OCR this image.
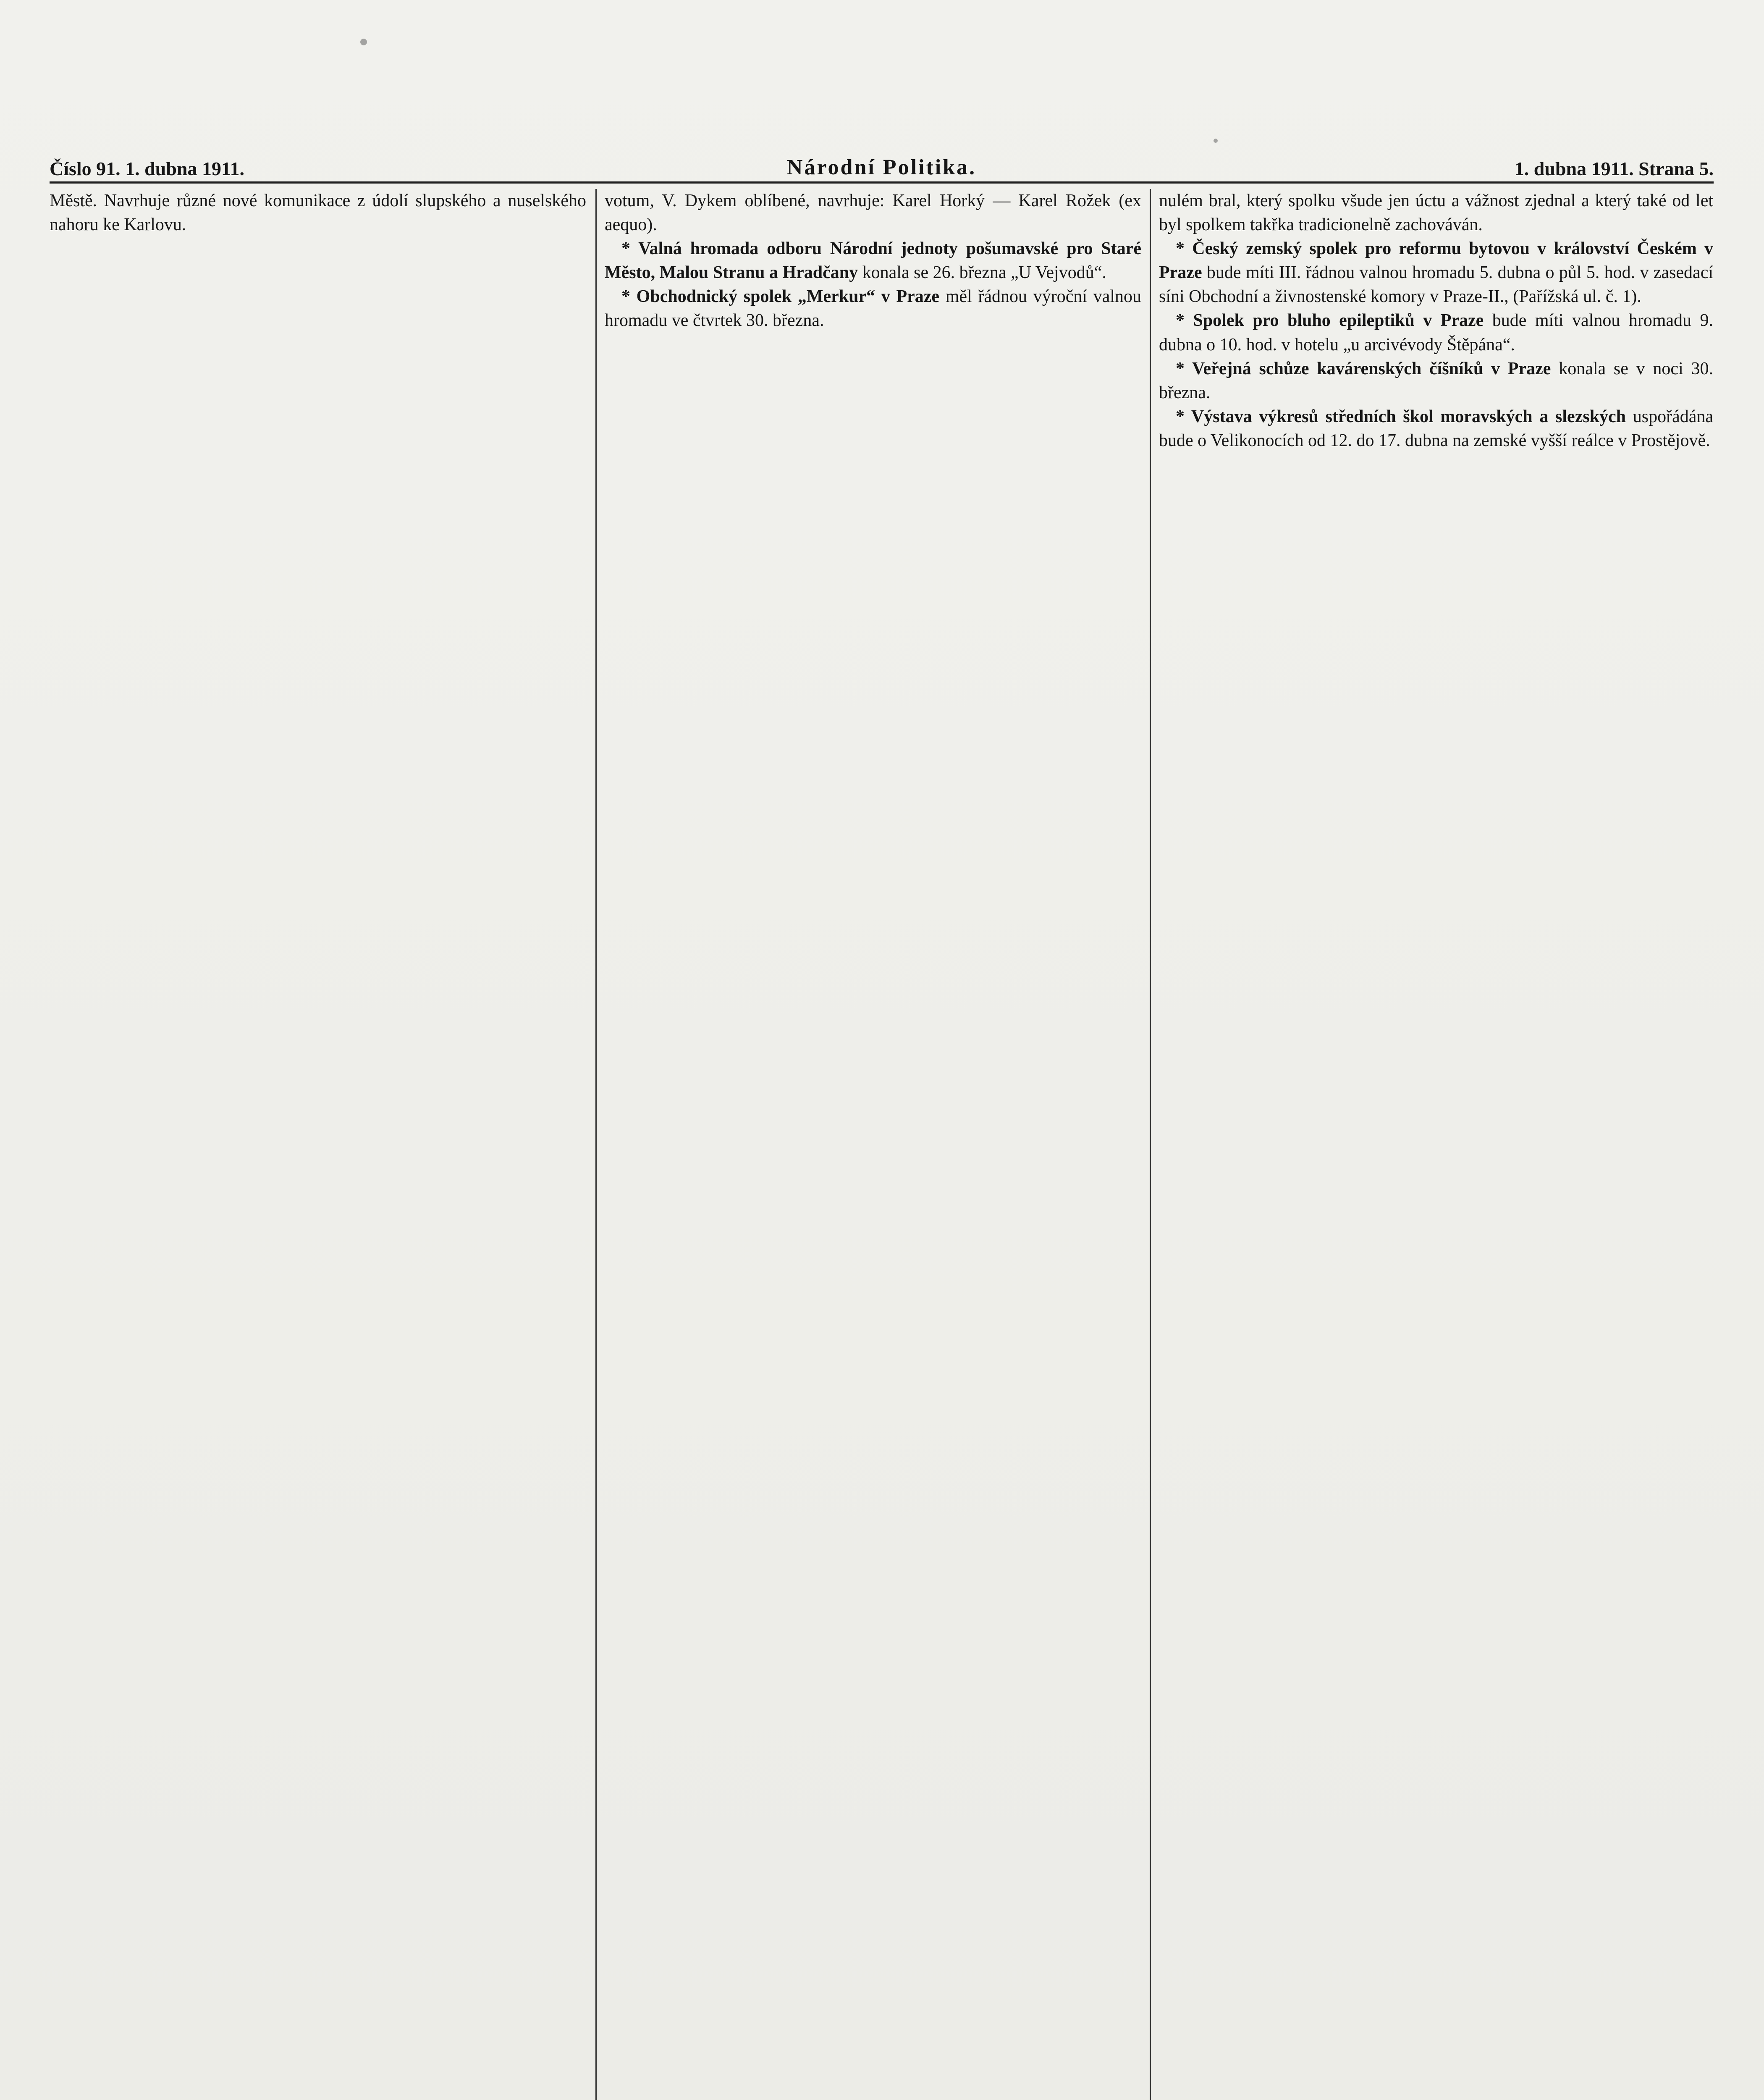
Číslo 91. 1. dubna 1911.	Národní Politika.	1. dubna 1911. Strana 5.

Městě. Navrhuje různé nové komunikace z údolí slupského a nuselského nahoru ke Karlovu.

votum, V. Dykem oblíbené, navrhuje: Karel Horký — Karel Rožek (ex aequo).

* Valná hromada odboru Národní jednoty pošumavské pro Staré Město, Malou Stranu a Hradčany konala se 26. března „U Vejvodů“.

* Obchodnický spolek „Merkur“ v Praze měl řádnou výroční valnou hromadu ve čtvrtek 30. března.

nulém bral, který spolku všude jen úctu a vážnost zjednal a který také od let byl spolkem takřka tradicionelně zachováván.

* Český zemský spolek pro reformu bytovou v království Českém v Praze bude míti III. řádnou valnou hromadu 5. dubna o půl 5. hod. v zasedací síni Obchodní a živnostenské komory v Praze-II., (Pařížská ul. č. 1).

* Spolek pro bluho epileptiků v Praze bude míti valnou hromadu 9. dubna o 10. hod. v hotelu „u arcivévody Štěpána“.

* Veřejná schůze kavárenských číšníků v Praze konala se v noci 30. března.

* Výstava výkresů středních škol moravských a slezských uspořádána bude o Velikonocích od 12. do 17. dubna na zemské vyšší reálce v Prostějově.
